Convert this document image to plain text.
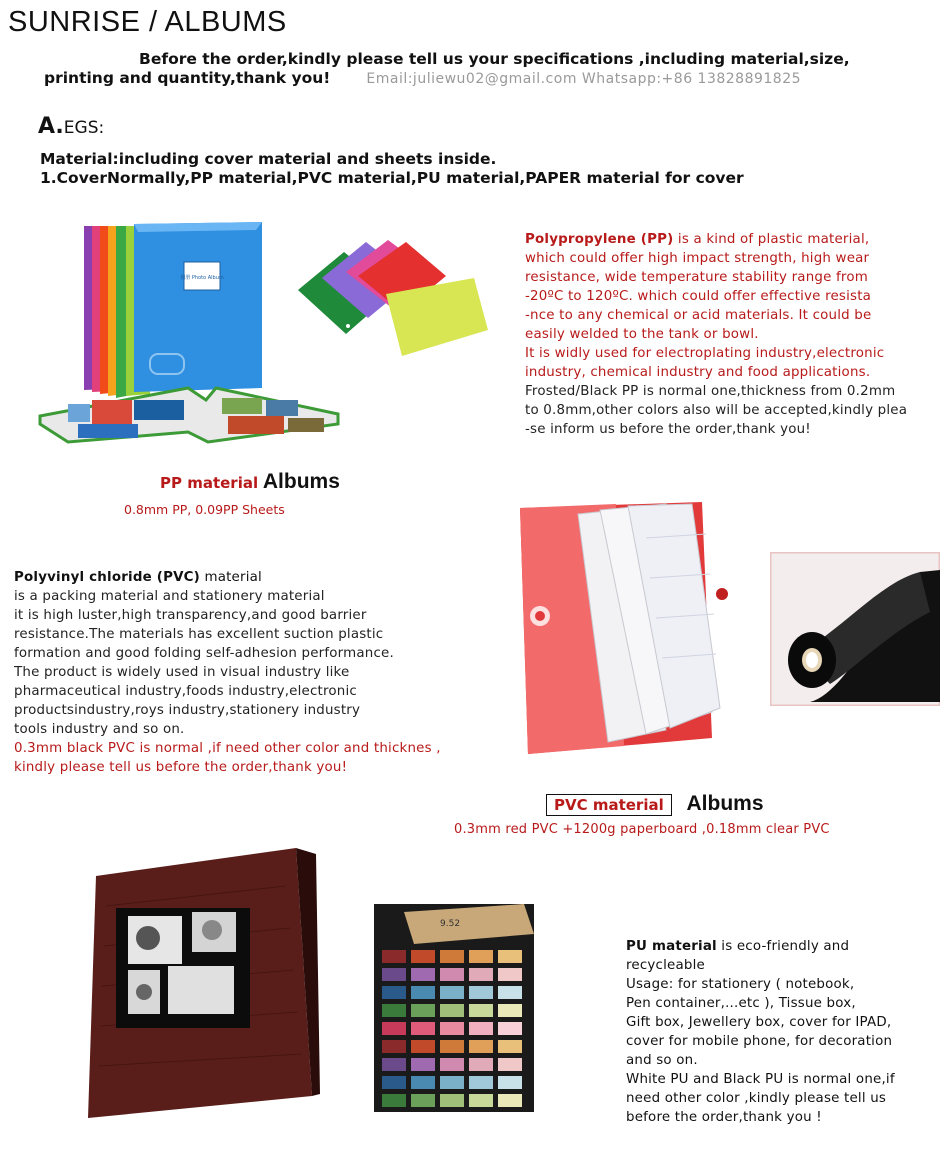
SUNRISE / ALBUMS
Before the order,kindly please tell us your specifications ,including material,size,
printing and quantity,thank you!	Email:juliewu02@gmail.com Whatsapp:+86 13828891825
A.EGS:
Material:including cover material and sheets inside.
1.CoverNormally,PP material,PVC material,PU material,PAPER material for cover
相册 Photo Album
Polypropylene (PP) is a kind of plastic material,
which could offer high impact strength, high wear
resistance, wide temperature stability range from
-20ºC to 120ºC. which could offer effective resista
-nce to any chemical or acid materials. It could be
easily welded to the tank or bowl.
It is widly used for electroplating industry,electronic
industry, chemical industry and food applications.
Frosted/Black PP is normal one,thickness from 0.2mm
to 0.8mm,other colors also will be accepted,kindly plea
-se inform us before the order,thank you!
PP material Albums
0.8mm PP, 0.09PP Sheets
Polyvinyl chloride (PVC) material
is a packing material and stationery material
it is high luster,high transparency,and good barrier
resistance.The materials has excellent suction plastic
formation and good folding self-adhesion performance.
The product is widely used in visual industry like
pharmaceutical industry,foods industry,electronic
productsindustry,roys industry,stationery industry
tools industry and so on.
0.3mm black PVC is normal ,if need other color and thicknes ,
kindly please tell us before the order,thank you!
PVC material Albums
0.3mm red PVC +1200g paperboard ,0.18mm clear PVC
9.52
PU material is eco-friendly and
recycleable
Usage: for stationery ( notebook,
Pen container,...etc ), Tissue box,
Gift box, Jewellery box, cover for IPAD,
cover for mobile phone, for decoration
and so on.
White PU and Black PU is normal one,if
need other color ,kindly please tell us
before the order,thank you !
